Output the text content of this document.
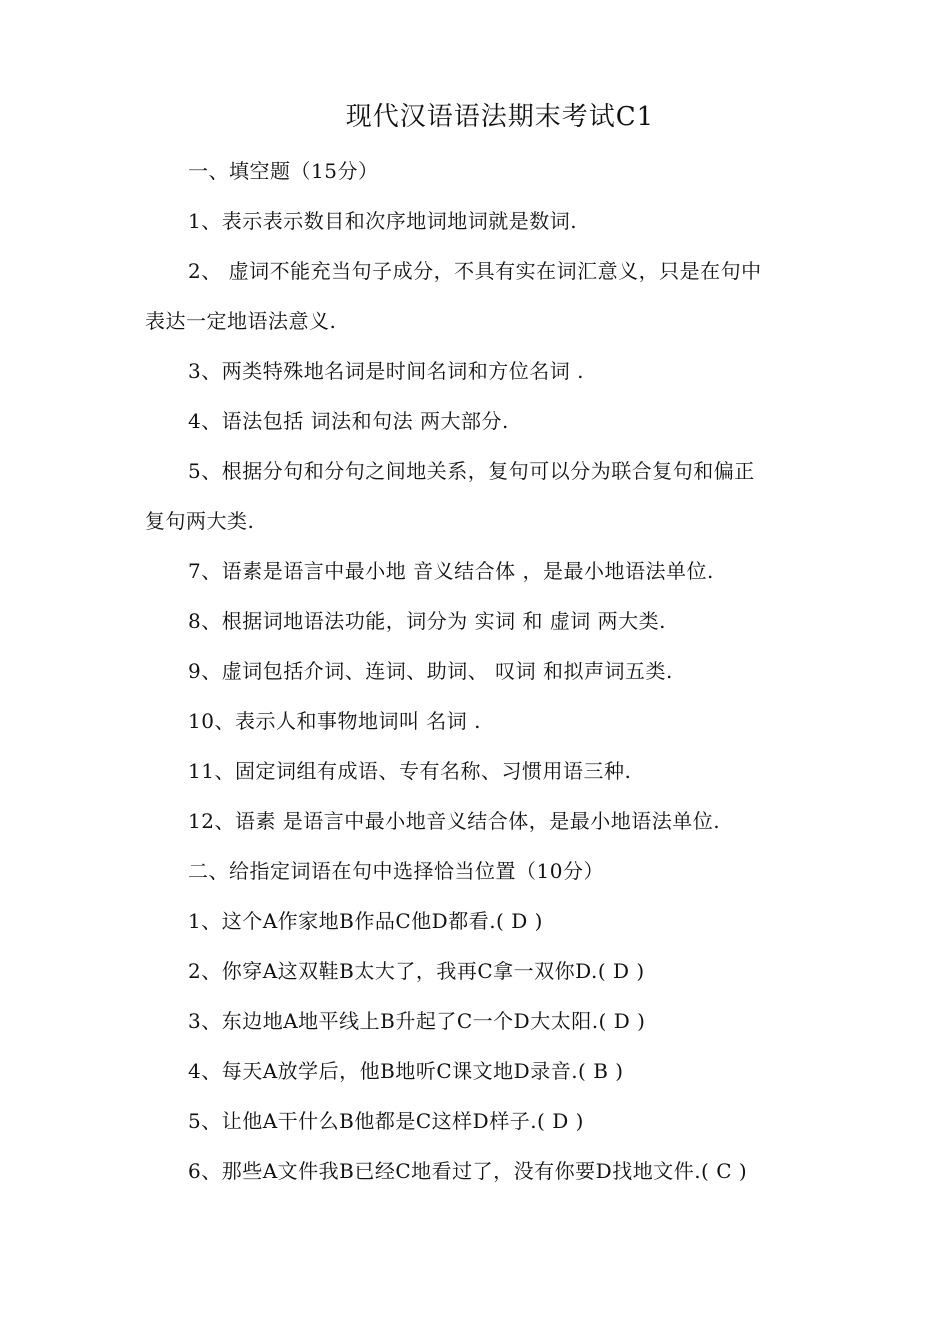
现代汉语语法期末考试C1
一、填空题（15分）
1、表示表示数目和次序地词地词就是数词.
2、 虚词不能充当句子成分，不具有实在词汇意义，只是在句中
表达一定地语法意义.
3、两类特殊地名词是时间名词和方位名词 .
4、语法包括 词法和句法 两大部分.
5、根据分句和分句之间地关系，复句可以分为联合复句和偏正
复句两大类.
7、语素是语言中最小地 音义结合体 ，是最小地语法单位.
8、根据词地语法功能，词分为 实词 和 虚词 两大类.
9、虚词包括介词、连词、助词、 叹词 和拟声词五类.
10、表示人和事物地词叫 名词 .
11、固定词组有成语、专有名称、习惯用语三种.
12、语素 是语言中最小地音义结合体，是最小地语法单位.
二、给指定词语在句中选择恰当位置（10分）
1、这个A作家地B作品C他D都看.( D )
2、你穿A这双鞋B太大了，我再C拿一双你D.( D )
3、东边地A地平线上B升起了C一个D大太阳.( D )
4、每天A放学后，他B地听C课文地D录音.( B )
5、让他A干什么B他都是C这样D样子.( D )
6、那些A文件我B已经C地看过了，没有你要D找地文件.( C )
